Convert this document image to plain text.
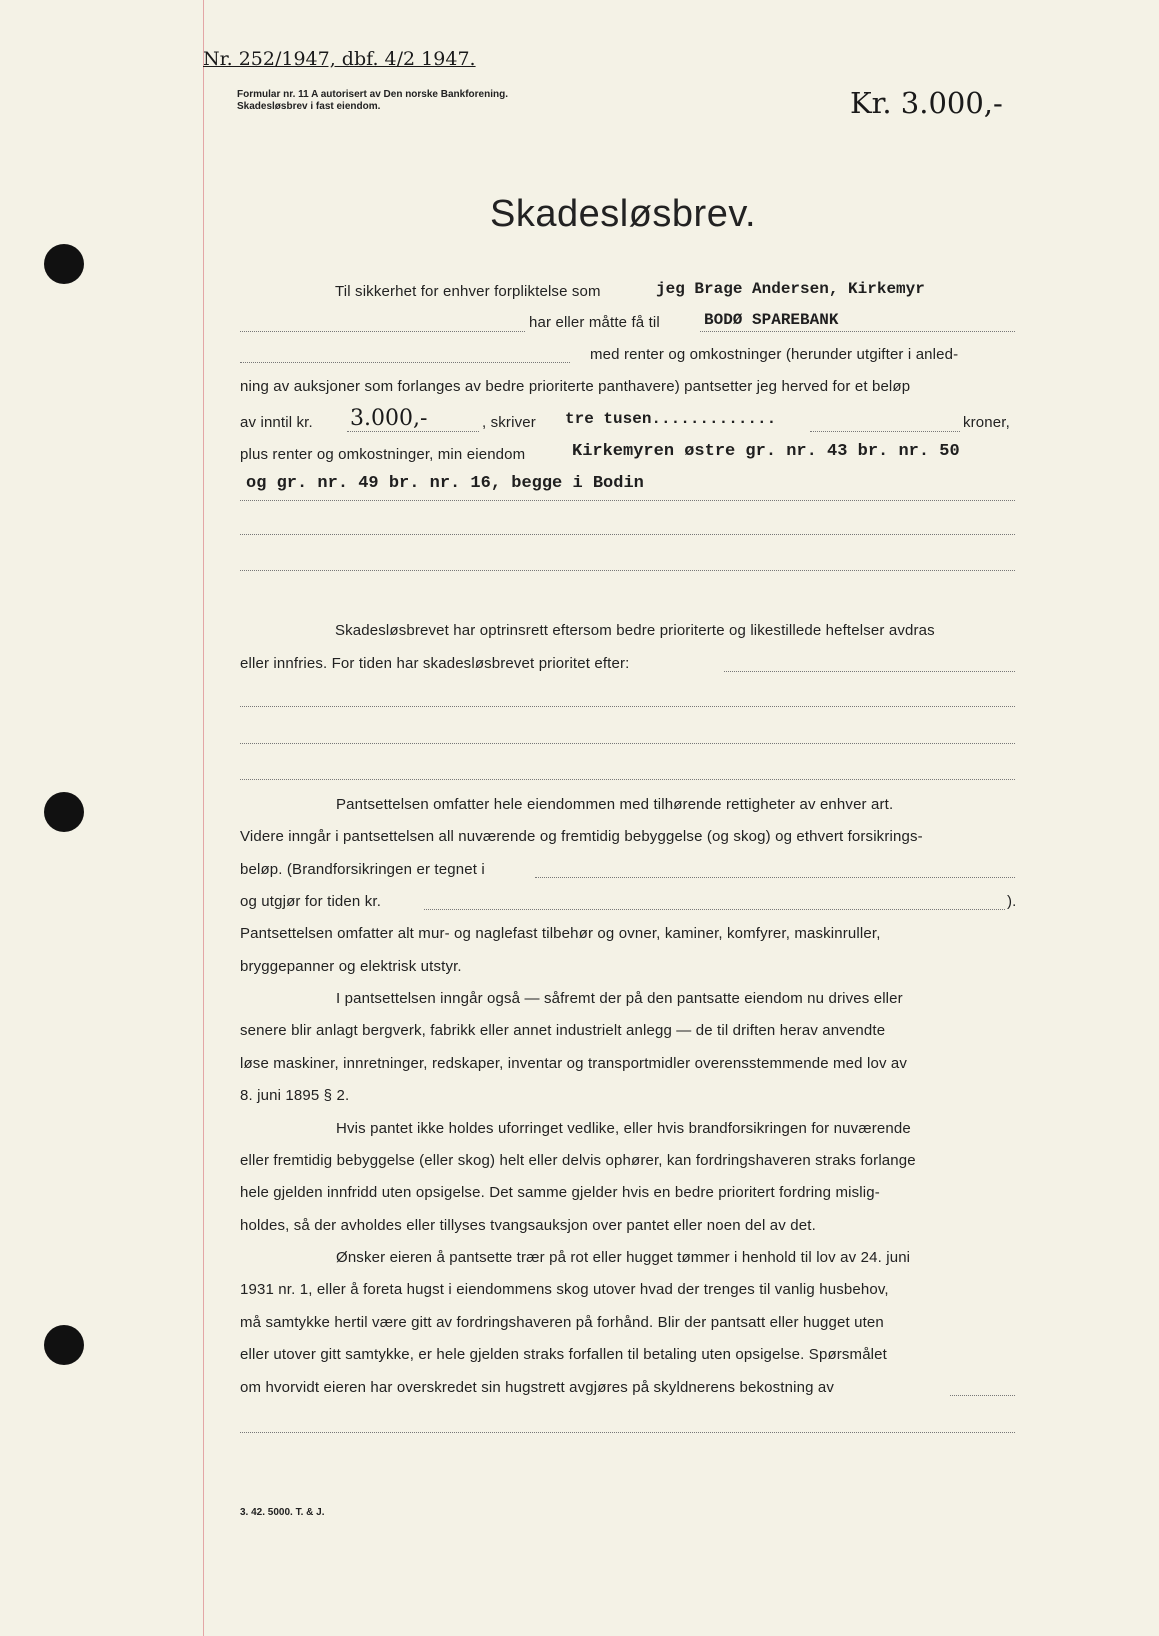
Nr. 252/1947, dbf. 4/2 1947.
Formular nr. 11 A autorisert av Den norske Bankforening.
Skadesløsbrev i fast eiendom.	Kr. 3.000,-
Skadesløsbrev.
Til sikkerhet for enhver forpliktelse som	jeg Brage Andersen, Kirkemyr
har eller måtte få til	BODØ SPAREBANK
med renter og omkostninger (herunder utgifter i anled-
ning av auksjoner som forlanges av bedre prioriterte panthavere) pantsetter jeg herved for et beløp
av inntil kr. 3.000,-	, skriver tre tusen.............	kroner,
plus renter og omkostninger, min eiendom	Kirkemyren østre gr. nr. 43 br. nr. 50
og gr. nr. 49 br. nr. 16, begge i Bodin
Skadesløsbrevet har optrinsrett eftersom bedre prioriterte og likestillede heftelser avdras
eller innfries. For tiden har skadesløsbrevet prioritet efter:
Pantsettelsen omfatter hele eiendommen med tilhørende rettigheter av enhver art.
Videre inngår i pantsettelsen all nuværende og fremtidig bebyggelse (og skog) og ethvert forsikrings-
beløp. (Brandforsikringen er tegnet i
og utgjør for tiden kr.	).
Pantsettelsen omfatter alt mur- og naglefast tilbehør og ovner, kaminer, komfyrer, maskinruller,
bryggepanner og elektrisk utstyr.
I pantsettelsen inngår også — såfremt der på den pantsatte eiendom nu drives eller
senere blir anlagt bergverk, fabrikk eller annet industrielt anlegg — de til driften herav anvendte
løse maskiner, innretninger, redskaper, inventar og transportmidler overensstemmende med lov av
8. juni 1895 § 2.
Hvis pantet ikke holdes uforringet vedlike, eller hvis brandforsikringen for nuværende
eller fremtidig bebyggelse (eller skog) helt eller delvis ophører, kan fordringshaveren straks forlange
hele gjelden innfridd uten opsigelse. Det samme gjelder hvis en bedre prioritert fordring mislig-
holdes, så der avholdes eller tillyses tvangsauksjon over pantet eller noen del av det.
Ønsker eieren å pantsette trær på rot eller hugget tømmer i henhold til lov av 24. juni
1931 nr. 1, eller å foreta hugst i eiendommens skog utover hvad der trenges til vanlig husbehov,
må samtykke hertil være gitt av fordringshaveren på forhånd. Blir der pantsatt eller hugget uten
eller utover gitt samtykke, er hele gjelden straks forfallen til betaling uten opsigelse. Spørsmålet
om hvorvidt eieren har overskredet sin hugstrett avgjøres på skyldnerens bekostning av
3. 42. 5000. T. & J.
